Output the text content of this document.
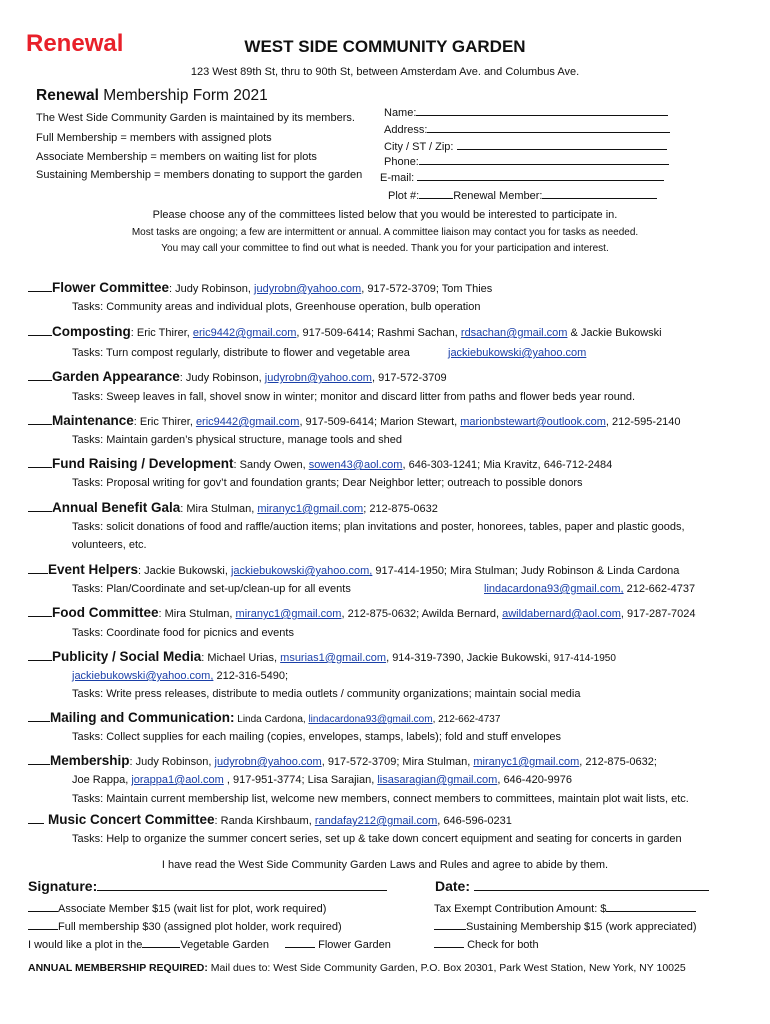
Renewal	WEST SIDE COMMUNITY GARDEN
123 West 89th St, thru to 90th St, between Amsterdam Ave. and Columbus Ave.
Renewal Membership Form 2021
The West Side Community Garden is maintained by its members.
Full Membership = members with assigned plots
Associate Membership = members on waiting list for plots
Sustaining Membership = members donating to support the garden
Name:
Address:
City / ST / Zip:
Phone:
E-mail:
Plot #:	Renewal Member:
Please choose any of the committees listed below that you would be interested to participate in.
Most tasks are ongoing; a few are intermittent or annual. A committee liaison may contact you for tasks as needed.
You may call your committee to find out what is needed. Thank you for your participation and interest.
Flower Committee: Judy Robinson, judyrobn@yahoo.com, 917-572-3709; Tom Thies
Tasks: Community areas and individual plots, Greenhouse operation, bulb operation
Composting: Eric Thirer, eric9442@gmail.com, 917-509-6414; Rashmi Sachan, rdsachan@gmail.com & Jackie Bukowski
Tasks: Turn compost regularly, distribute to flower and vegetable area	jackiebukowski@yahoo.com
Garden Appearance: Judy Robinson, judyrobn@yahoo.com, 917-572-3709
Tasks: Sweep leaves in fall, shovel snow in winter; monitor and discard litter from paths and flower beds year round.
Maintenance: Eric Thirer, eric9442@gmail.com, 917-509-6414; Marion Stewart, marionbstewart@outlook.com, 212-595-2140
Tasks: Maintain garden’s physical structure, manage tools and shed
Fund Raising / Development: Sandy Owen, sowen43@aol.com, 646-303-1241; Mia Kravitz, 646-712-2484
Tasks: Proposal writing for gov’t and foundation grants; Dear Neighbor letter; outreach to possible donors
Annual Benefit Gala: Mira Stulman, miranyc1@gmail.com; 212-875-0632
Tasks: solicit donations of food and raffle/auction items; plan invitations and poster, honorees, tables, paper and plastic goods,
volunteers, etc.
Event Helpers: Jackie Bukowski, jackiebukowski@yahoo.com, 917-414-1950; Mira Stulman; Judy Robinson & Linda Cardona
Tasks: Plan/Coordinate and set-up/clean-up for all events	lindacardona93@gmail.com, 212-662-4737
Food Committee: Mira Stulman, miranyc1@gmail.com, 212-875-0632; Awilda Bernard, awildabernard@aol.com, 917-287-7024
Tasks: Coordinate food for picnics and events
Publicity / Social Media: Michael Urias, msurias1@gmail.com, 914-319-7390, Jackie Bukowski, 917-414-1950
jackiebukowski@yahoo.com, 212-316-5490;
Tasks: Write press releases, distribute to media outlets / community organizations; maintain social media
Mailing and Communication: Linda Cardona, lindacardona93@gmail.com, 212-662-4737
Tasks: Collect supplies for each mailing (copies, envelopes, stamps, labels); fold and stuff envelopes
Membership: Judy Robinson, judyrobn@yahoo.com, 917-572-3709; Mira Stulman, miranyc1@gmail.com, 212-875-0632;
Joe Rappa, jorappa1@aol.com , 917-951-3774; Lisa Sarajian, lisasaragian@gmail.com, 646-420-9976
Tasks: Maintain current membership list, welcome new members, connect members to committees, maintain plot wait lists, etc.
Music Concert Committee: Randa Kirshbaum, randafay212@gmail.com, 646-596-0231
Tasks: Help to organize the summer concert series, set up & take down concert equipment and seating for concerts in garden
I have read the West Side Community Garden Laws and Rules and agree to abide by them.
Signature:	Date:
Associate Member $15 (wait list for plot, work required)
Full membership $30 (assigned plot holder, work required)
I would like a plot in the	Vegetable Garden	Flower Garden
Tax Exempt Contribution Amount: $
Sustaining Membership $15 (work appreciated)
Check for both
ANNUAL MEMBERSHIP REQUIRED: Mail dues to: West Side Community Garden, P.O. Box 20301, Park West Station, New York, NY 10025
